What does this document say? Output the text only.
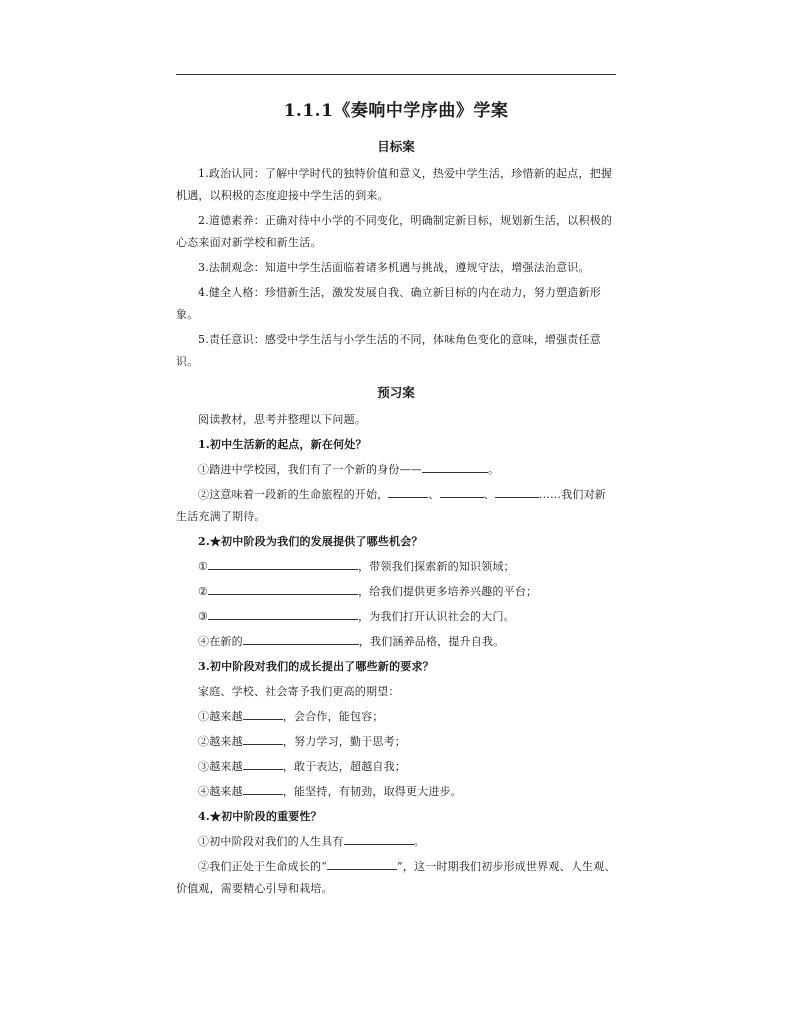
1.1.1《奏响中学序曲》学案
目标案

1.政治认同：了解中学时代的独特价值和意义，热爱中学生活，珍惜新的起点，把握机遇，以积极的态度迎接中学生活的到来。

2.道德素养：正确对待中小学的不同变化，明确制定新目标，规划新生活，以积极的心态来面对新学校和新生活。

3.法制观念：知道中学生活面临着诸多机遇与挑战，遵规守法，增强法治意识。

4.健全人格：珍惜新生活，激发发展自我、确立新目标的内在动力，努力塑造新形象。

5.责任意识：感受中学生活与小学生活的不同，体味角色变化的意味，增强责任意识。

预习案

阅读教材，思考并整理以下问题。

1.初中生活新的起点，新在何处？

①踏进中学校园，我们有了一个新的身份——	。

②这意味着一段新的生命旅程的开始，	、	、	……我们对新生活充满了期待。

2.★初中阶段为我们的发展提供了哪些机会？

①	，带领我们探索新的知识领域；

②	，给我们提供更多培养兴趣的平台；

③	，为我们打开认识社会的大门。

④在新的	，我们涵养品格，提升自我。

3.初中阶段对我们的成长提出了哪些新的要求？

家庭、学校、社会寄予我们更高的期望：

①越来越	，会合作，能包容；

②越来越	，努力学习，勤于思考；

③越来越	，敢于表达，超越自我；

④越来越	，能坚持，有韧劲，取得更大进步。

4.★初中阶段的重要性？

①初中阶段对我们的人生具有	。

②我们正处于生命成长的“	”，这一时期我们初步形成世界观、人生观、价值观，需要精心引导和栽培。
